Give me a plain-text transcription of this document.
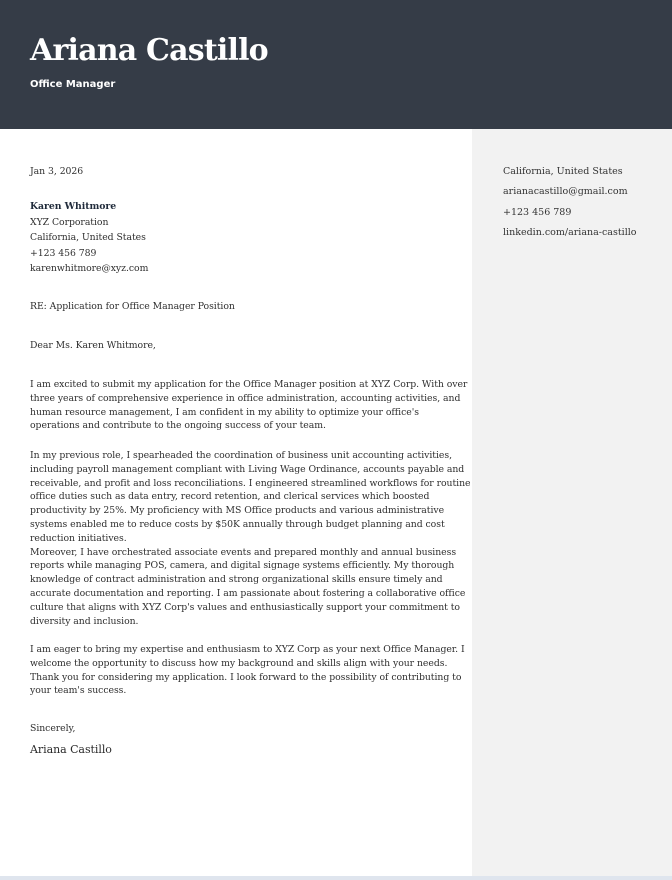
Ariana Castillo
Office Manager
California, United States
arianacastillo@gmail.com
+123 456 789
linkedin.com/ariana-castillo
Jan 3, 2026
Karen Whitmore
XYZ Corporation
California, United States
+123 456 789
karenwhitmore@xyz.com
RE: Application for Office Manager Position
Dear Ms. Karen Whitmore,
I am excited to submit my application for the Office Manager position at XYZ Corp. With over
three years of comprehensive experience in office administration, accounting activities, and
human resource management, I am confident in my ability to optimize your office's
operations and contribute to the ongoing success of your team.
In my previous role, I spearheaded the coordination of business unit accounting activities,
including payroll management compliant with Living Wage Ordinance, accounts payable and
receivable, and profit and loss reconciliations. I engineered streamlined workflows for routine
office duties such as data entry, record retention, and clerical services which boosted
productivity by 25%. My proficiency with MS Office products and various administrative
systems enabled me to reduce costs by $50K annually through budget planning and cost
reduction initiatives.
Moreover, I have orchestrated associate events and prepared monthly and annual business
reports while managing POS, camera, and digital signage systems efficiently. My thorough
knowledge of contract administration and strong organizational skills ensure timely and
accurate documentation and reporting. I am passionate about fostering a collaborative office
culture that aligns with XYZ Corp's values and enthusiastically support your commitment to
diversity and inclusion.
I am eager to bring my expertise and enthusiasm to XYZ Corp as your next Office Manager. I
welcome the opportunity to discuss how my background and skills align with your needs.
Thank you for considering my application. I look forward to the possibility of contributing to
your team's success.
Sincerely,
Ariana Castillo
